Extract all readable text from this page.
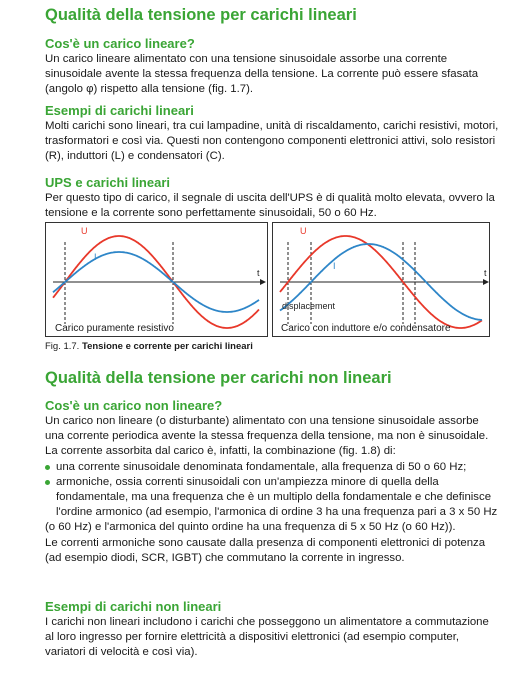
Qualità della tensione per carichi lineari
Cos'è un carico lineare?

Un carico lineare alimentato con una tensione sinusoidale assorbe una corrente sinusoidale avente la stessa frequenza della tensione. La corrente può essere sfasata (angolo φ) rispetto alla tensione (fig. 1.7).

Esempi di carichi lineari

Molti carichi sono lineari, tra cui lampadine, unità di riscaldamento, carichi resistivi, motori, trasformatori e così via. Questi non contengono componenti elettronici attivi, solo resistori (R), induttori (L) e condensatori (C).

UPS e carichi lineari

Per questo tipo di carico, il segnale di uscita dell'UPS è di qualità molto elevata, ovvero la tensione e la corrente sono perfettamente sinusoidali, 50 o 60 Hz.

U
I
t
Carico puramente resistivo
U
I
t
displacement
Carico con induttore e/o condensatore
Fig. 1.7. Tensione e corrente per carichi lineari
Qualità della tensione per carichi non lineari
Cos'è un carico non lineare?

Un carico non lineare (o disturbante) alimentato con una tensione sinusoidale assorbe una corrente periodica avente la stessa frequenza della tensione, ma non è sinusoidale.

La corrente assorbita dal carico è, infatti, la combinazione (fig. 1.8) di:

una corrente sinusoidale denominata fondamentale, alla frequenza di 50 o 60 Hz;

armoniche, ossia correnti sinusoidali con un'ampiezza minore di quella della fondamentale, ma una frequenza che è un multiplo della fondamentale e che definisce l'ordine armonico (ad esempio, l'armonica di ordine 3 ha una frequenza pari a 3 x 50 Hz

(o 60 Hz) e l'armonica del quinto ordine ha una frequenza di 5 x 50 Hz (o 60 Hz)).

Le correnti armoniche sono causate dalla presenza di componenti elettronici di potenza (ad esempio diodi, SCR, IGBT) che commutano la corrente in ingresso.

Esempi di carichi non lineari

I carichi non lineari includono i carichi che posseggono un alimentatore a commutazione al loro ingresso per fornire elettricità a dispositivi elettronici (ad esempio computer, variatori di velocità e così via).
